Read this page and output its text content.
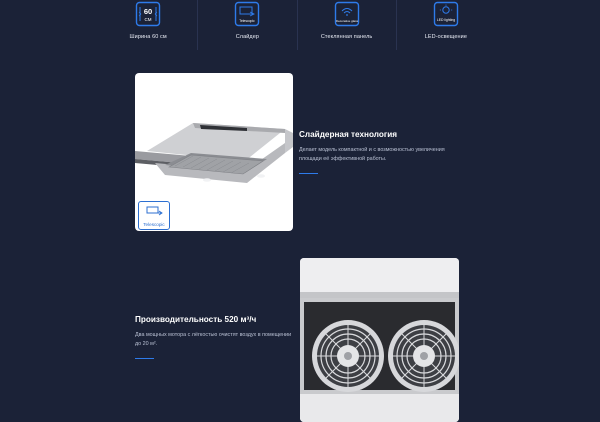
60
CM
Ширина 60 см
Telescopic
Слайдер
Decorative glass
Стеклянная панель
LED lighting
LED-освещение
Telescopic
Слайдерная технология
Делает модель компактной и с возможностью увеличения площади её эффективной работы.
Производительность 520 м³/ч
Два мощных мотора с лёгкостью очистят воздух в помещении до 20 м².
